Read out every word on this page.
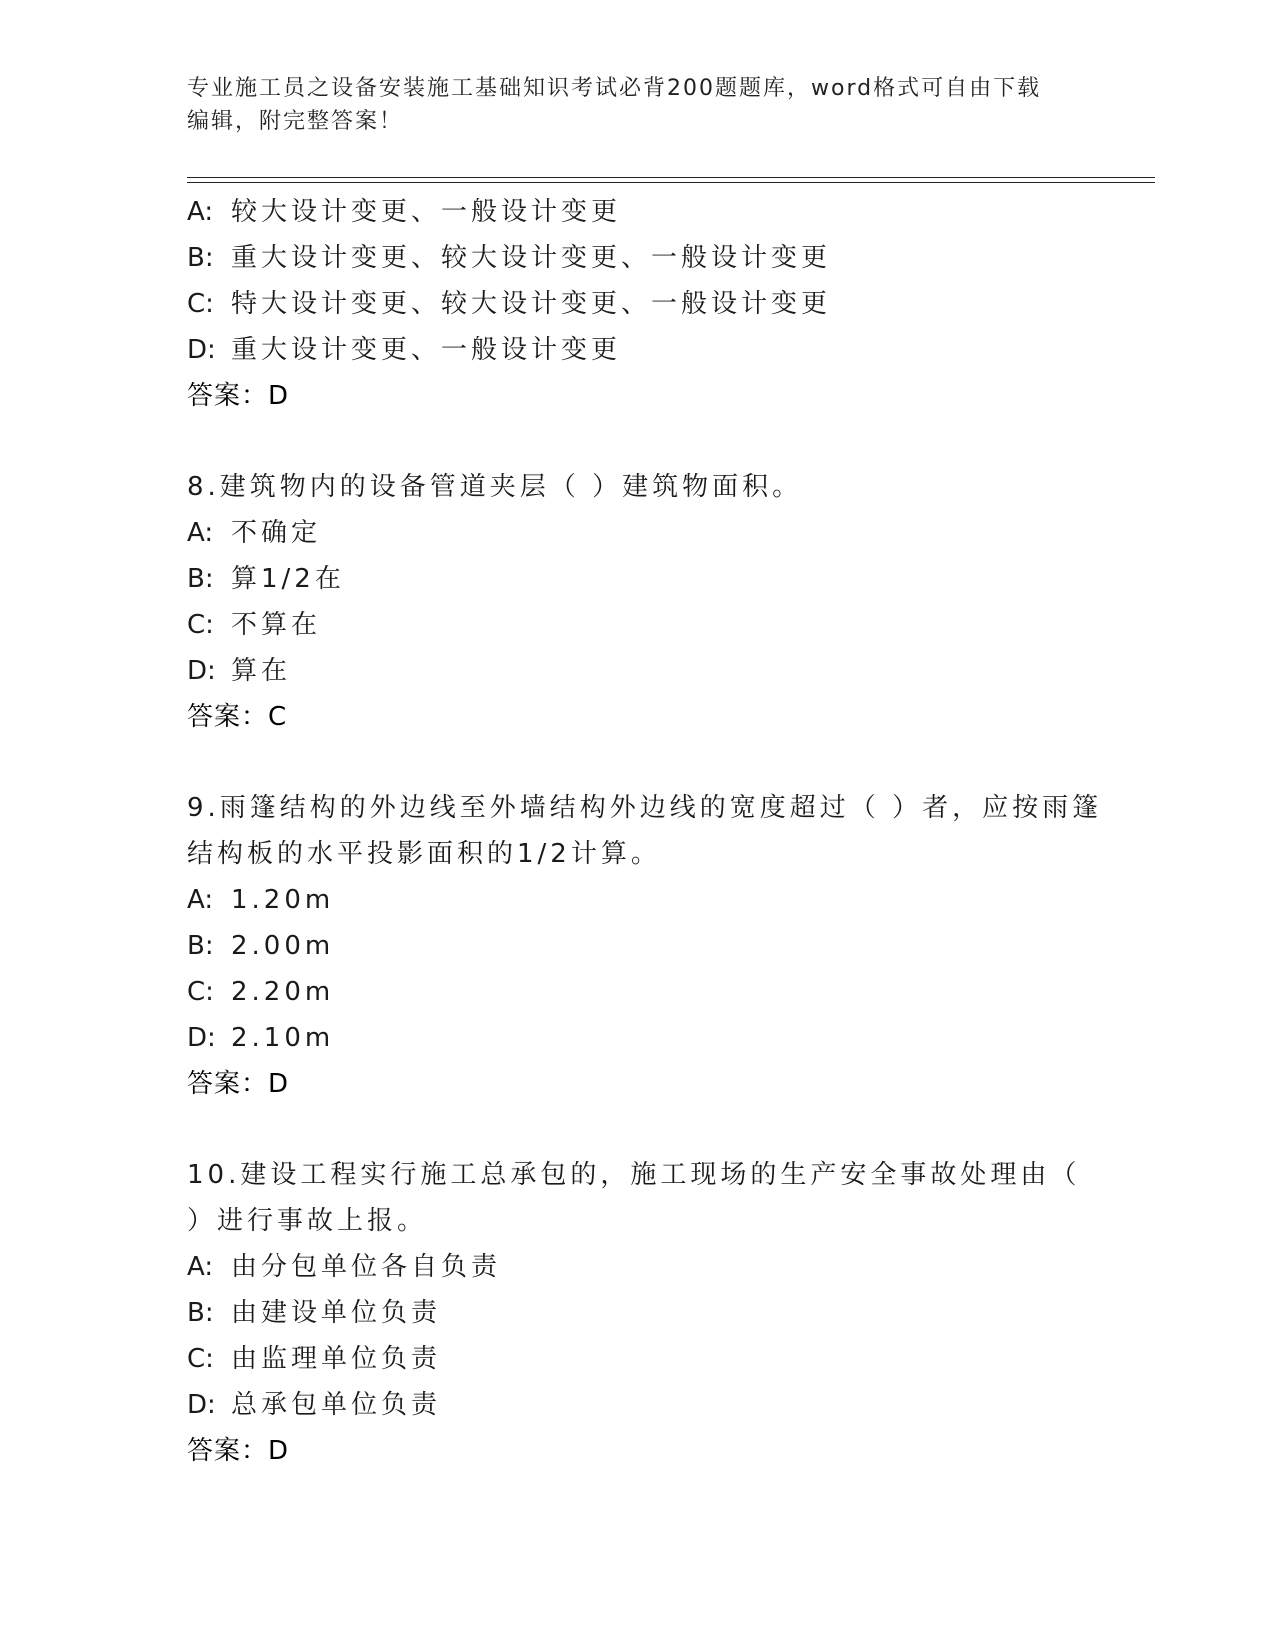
专业施工员之设备安装施工基础知识考试必背200题题库，word格式可自由下载
编辑，附完整答案！
A: 较大设计变更、一般设计变更
B: 重大设计变更、较大设计变更、一般设计变更
C: 特大设计变更、较大设计变更、一般设计变更
D: 重大设计变更、一般设计变更
答案：D
8.建筑物内的设备管道夹层（ ）建筑物面积。
A: 不确定
B: 算1/2在
C: 不算在
D: 算在
答案：C
9.雨篷结构的外边线至外墙结构外边线的宽度超过（ ）者，应按雨篷
结构板的水平投影面积的1/2计算。
A: 1.20m
B: 2.00m
C: 2.20m
D: 2.10m
答案：D
10.建设工程实行施工总承包的，施工现场的生产安全事故处理由（
）进行事故上报。
A: 由分包单位各自负责
B: 由建设单位负责
C: 由监理单位负责
D: 总承包单位负责
答案：D
